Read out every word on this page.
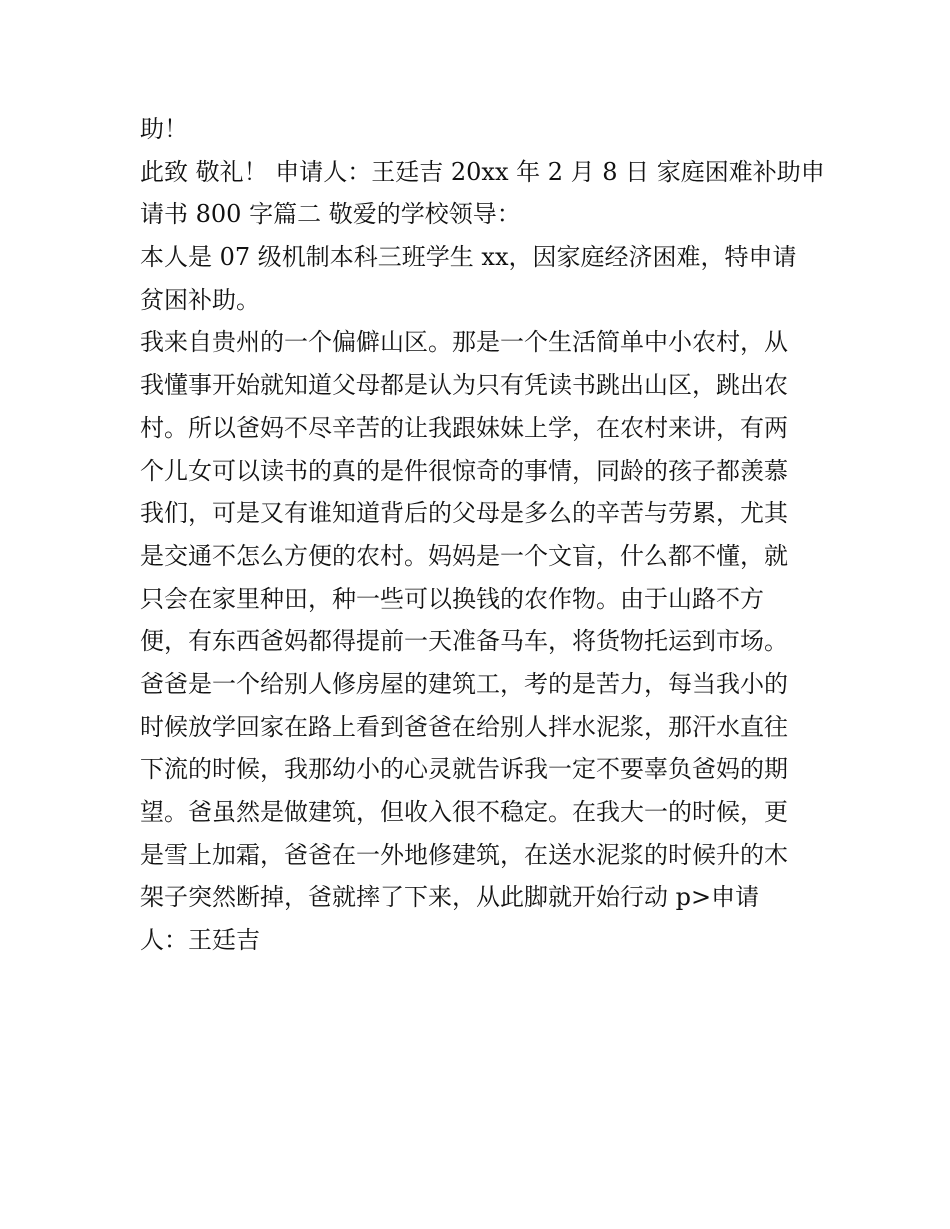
助！
此致 敬礼！ 申请人：王廷吉 20xx 年 2 月 8 日 家庭困难补助申
请书 800 字篇二 敬爱的学校领导：
本人是 07 级机制本科三班学生 xx，因家庭经济困难，特申请
贫困补助。
我来自贵州的一个偏僻山区。那是一个生活简单中小农村，从
我懂事开始就知道父母都是认为只有凭读书跳出山区，跳出农
村。所以爸妈不尽辛苦的让我跟妹妹上学，在农村来讲，有两
个儿女可以读书的真的是件很惊奇的事情，同龄的孩子都羡慕
我们，可是又有谁知道背后的父母是多么的辛苦与劳累，尤其
是交通不怎么方便的农村。妈妈是一个文盲，什么都不懂，就
只会在家里种田，种一些可以换钱的农作物。由于山路不方
便，有东西爸妈都得提前一天准备马车，将货物托运到市场。
爸爸是一个给别人修房屋的建筑工，考的是苦力，每当我小的
时候放学回家在路上看到爸爸在给别人拌水泥浆，那汗水直往
下流的时候，我那幼小的心灵就告诉我一定不要辜负爸妈的期
望。爸虽然是做建筑，但收入很不稳定。在我大一的时候，更
是雪上加霜，爸爸在一外地修建筑，在送水泥浆的时候升的木
架子突然断掉，爸就摔了下来，从此脚就开始行动 p>申请
人：王廷吉
